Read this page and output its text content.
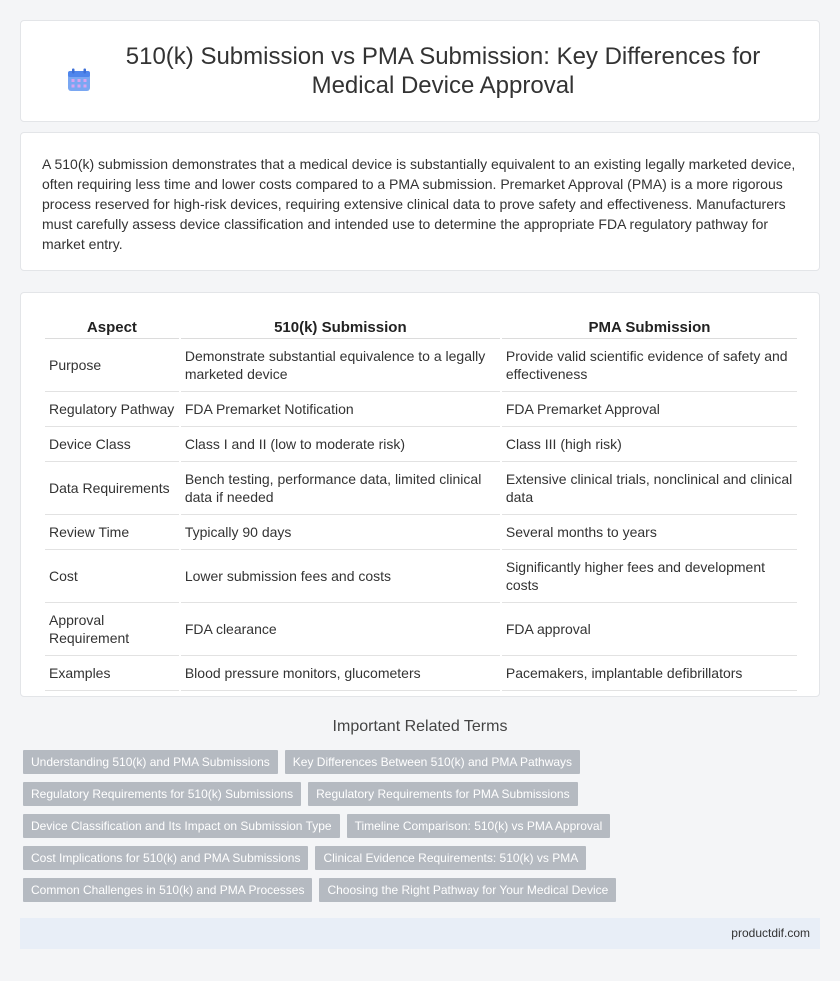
510(k) Submission vs PMA Submission: Key Differences for Medical Device Approval

A 510(k) submission demonstrates that a medical device is substantially equivalent to an existing legally marketed device, often requiring less time and lower costs compared to a PMA submission. Premarket Approval (PMA) is a more rigorous process reserved for high-risk devices, requiring extensive clinical data to prove safety and effectiveness. Manufacturers must carefully assess device classification and intended use to determine the appropriate FDA regulatory pathway for market entry.

Aspect	510(k) Submission	PMA Submission
Purpose	Demonstrate substantial equivalence to a legally marketed device	Provide valid scientific evidence of safety and effectiveness
Regulatory Pathway	FDA Premarket Notification	FDA Premarket Approval
Device Class	Class I and II (low to moderate risk)	Class III (high risk)
Data Requirements	Bench testing, performance data, limited clinical data if needed	Extensive clinical trials, nonclinical and clinical data
Review Time	Typically 90 days	Several months to years
Cost	Lower submission fees and costs	Significantly higher fees and development costs
Approval Requirement	FDA clearance	FDA approval
Examples	Blood pressure monitors, glucometers	Pacemakers, implantable defibrillators
Important Related Terms
Understanding 510(k) and PMA Submissions	Key Differences Between 510(k) and PMA Pathways
Regulatory Requirements for 510(k) Submissions	Regulatory Requirements for PMA Submissions
Device Classification and Its Impact on Submission Type	Timeline Comparison: 510(k) vs PMA Approval
Cost Implications for 510(k) and PMA Submissions	Clinical Evidence Requirements: 510(k) vs PMA
Common Challenges in 510(k) and PMA Processes	Choosing the Right Pathway for Your Medical Device
productdif.com
